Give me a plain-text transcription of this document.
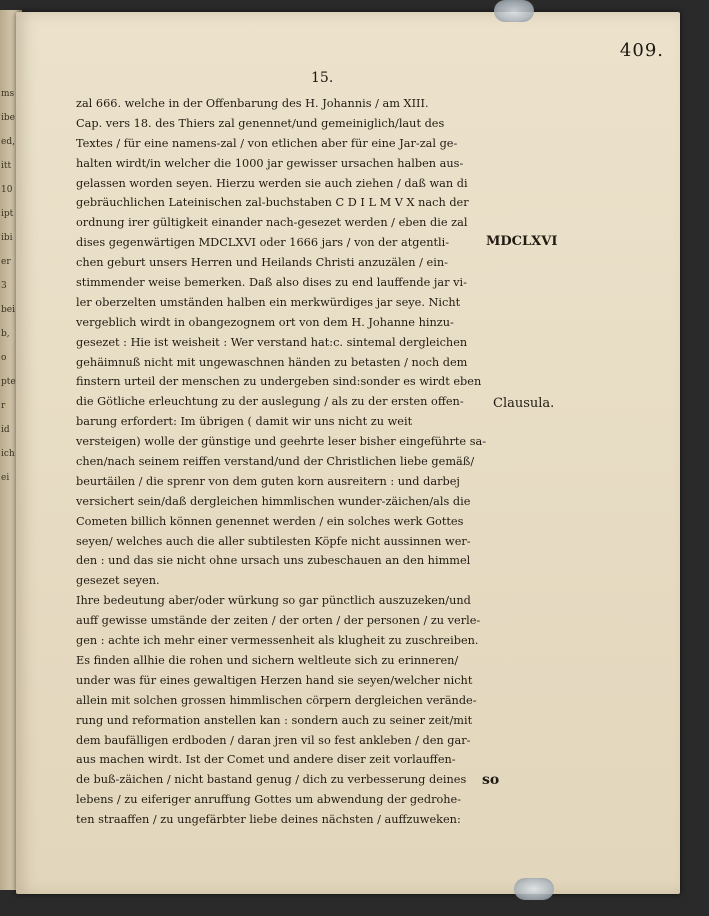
ms
ibe
ed,
itt
10
ipt
ibi
er
3
bei
b,
o
pte
r
id
ich
ei
409.
15.
zal 666. welche in der Offenbarung des H. Johannis / am XIII.
Cap. vers 18. des Thiers zal genennet/und gemeiniglich/laut des
Textes / für eine namens-zal / von etlichen aber für eine Jar-zal ge-
halten wirdt/in welcher die 1000 jar gewisser ursachen halben aus-
gelassen worden seyen. Hierzu werden sie auch ziehen / daß wan di
gebräuchlichen Lateinischen zal-buchstaben C D I L M V X nach der
ordnung irer gültigkeit einander nach-gesezet werden / eben die zal
dises gegenwärtigen MDCLXVI oder 1666 jars / von der atgentli-
chen geburt unsers Herren und Heilands Christi anzuzälen / ein-
stimmender weise bemerken. Daß also dises zu end lauffende jar vi-
ler oberzelten umständen halben ein merkwürdiges jar seye. Nicht
vergeblich wirdt in obangezognem ort von dem H. Johanne hinzu-
gesezet : Hie ist weisheit : Wer verstand hat:c. sintemal dergleichen
gehäimnuß nicht mit ungewaschnen händen zu betasten / noch dem
finstern urteil der menschen zu undergeben sind:sonder es wirdt eben
die Götliche erleuchtung zu der auslegung / als zu der ersten offen-
barung erfordert: Im übrigen ( damit wir uns nicht zu weit
versteigen) wolle der günstige und geehrte leser bisher eingeführte sa-
chen/nach seinem reiffen verstand/und der Christlichen liebe gemäß/
beurtäilen / die sprenr von dem guten korn ausreitern : und darbej
versichert sein/daß dergleichen himmlischen wunder-zäichen/als die
Cometen billich können genennet werden / ein solches werk Gottes
seyen/ welches auch die aller subtilesten Köpfe nicht aussinnen wer-
den : und das sie nicht ohne ursach uns zubeschauen an den himmel
gesezet seyen.
Ihre bedeutung aber/oder würkung so gar pünctlich auszuzeken/und
auff gewisse umstände der zeiten / der orten / der personen / zu verle-
gen : achte ich mehr einer vermessenheit als klugheit zu zuschreiben.
Es finden allhie die rohen und sichern weltleute sich zu erinneren/
under was für eines gewaltigen Herzen hand sie seyen/welcher nicht
allein mit solchen grossen himmlischen cörpern dergleichen verände-
rung und reformation anstellen kan : sondern auch zu seiner zeit/mit
dem baufälligen erdboden / daran jren vil so fest ankleben / den gar-
aus machen wirdt. Ist der Comet und andere diser zeit vorlauffen-
de buß-zäichen / nicht bastand genug / dich zu verbesserung deines
lebens / zu eiferiger anruffung Gottes um abwendung der gedrohe-
ten straaffen / zu ungefärbter liebe deines nächsten / auffzuweken:
MDCLXVI
Clausula.
so
